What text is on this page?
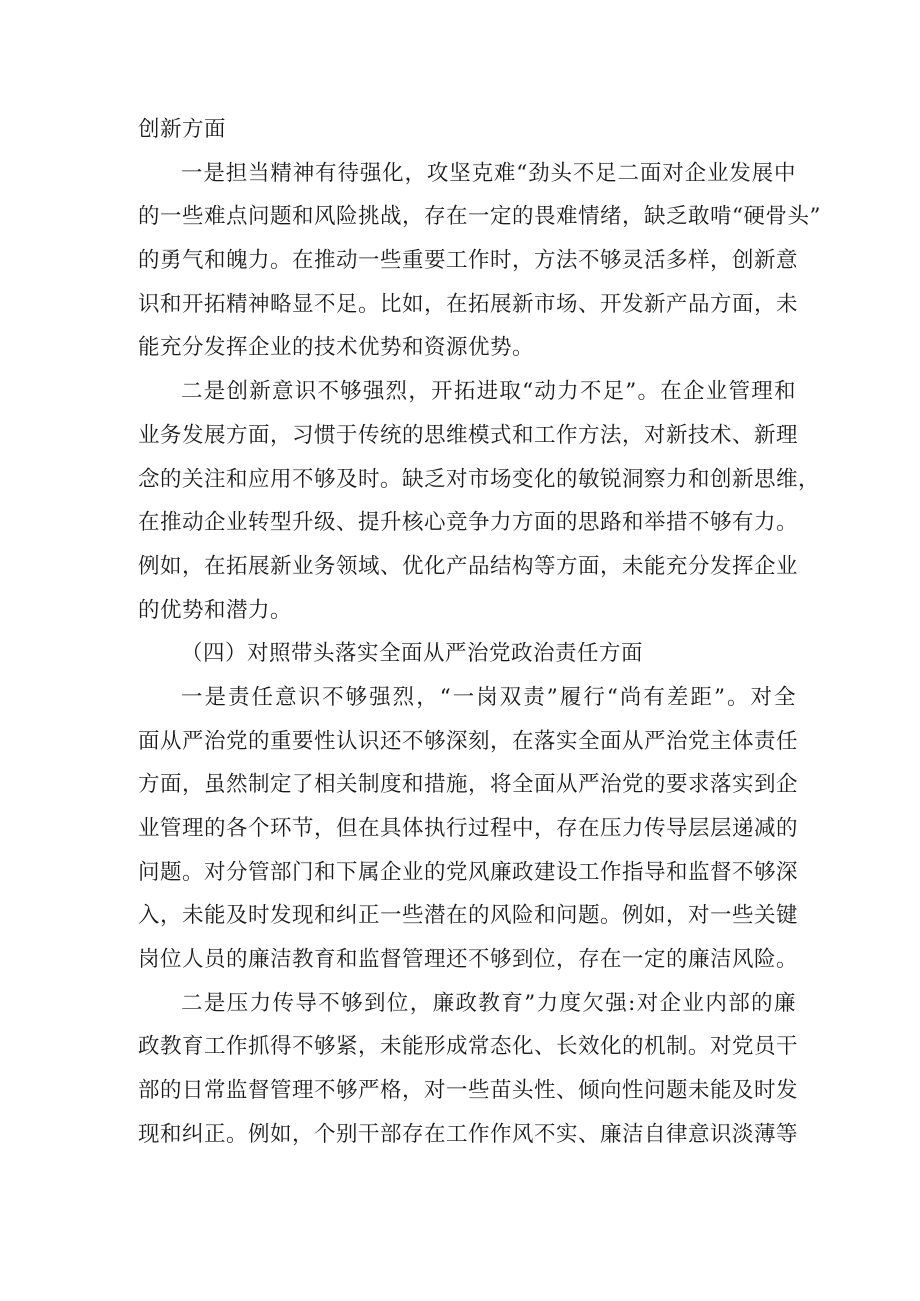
创新方面
一是担当精神有待强化，攻坚克难“劲头不足二面对企业发展中
的一些难点问题和风险挑战，存在一定的畏难情绪，缺乏敢啃“硬骨头”
的勇气和魄力。在推动一些重要工作时，方法不够灵活多样，创新意
识和开拓精神略显不足。比如，在拓展新市场、开发新产品方面，未
能充分发挥企业的技术优势和资源优势。
二是创新意识不够强烈，开拓进取“动力不足”。在企业管理和
业务发展方面，习惯于传统的思维模式和工作方法，对新技术、新理
念的关注和应用不够及时。缺乏对市场变化的敏锐洞察力和创新思维，
在推动企业转型升级、提升核心竞争力方面的思路和举措不够有力。
例如，在拓展新业务领域、优化产品结构等方面，未能充分发挥企业
的优势和潜力。
（四）对照带头落实全面从严治党政治责任方面
一是责任意识不够强烈，“一岗双责”履行“尚有差距”。对全
面从严治党的重要性认识还不够深刻，在落实全面从严治党主体责任
方面，虽然制定了相关制度和措施，将全面从严治党的要求落实到企
业管理的各个环节，但在具体执行过程中，存在压力传导层层递减的
问题。对分管部门和下属企业的党风廉政建设工作指导和监督不够深
入，未能及时发现和纠正一些潜在的风险和问题。例如，对一些关键
岗位人员的廉洁教育和监督管理还不够到位，存在一定的廉洁风险。
二是压力传导不够到位，廉政教育”力度欠强:对企业内部的廉
政教育工作抓得不够紧，未能形成常态化、长效化的机制。对党员干
部的日常监督管理不够严格，对一些苗头性、倾向性问题未能及时发
现和纠正。例如，个别干部存在工作作风不实、廉洁自律意识淡薄等
